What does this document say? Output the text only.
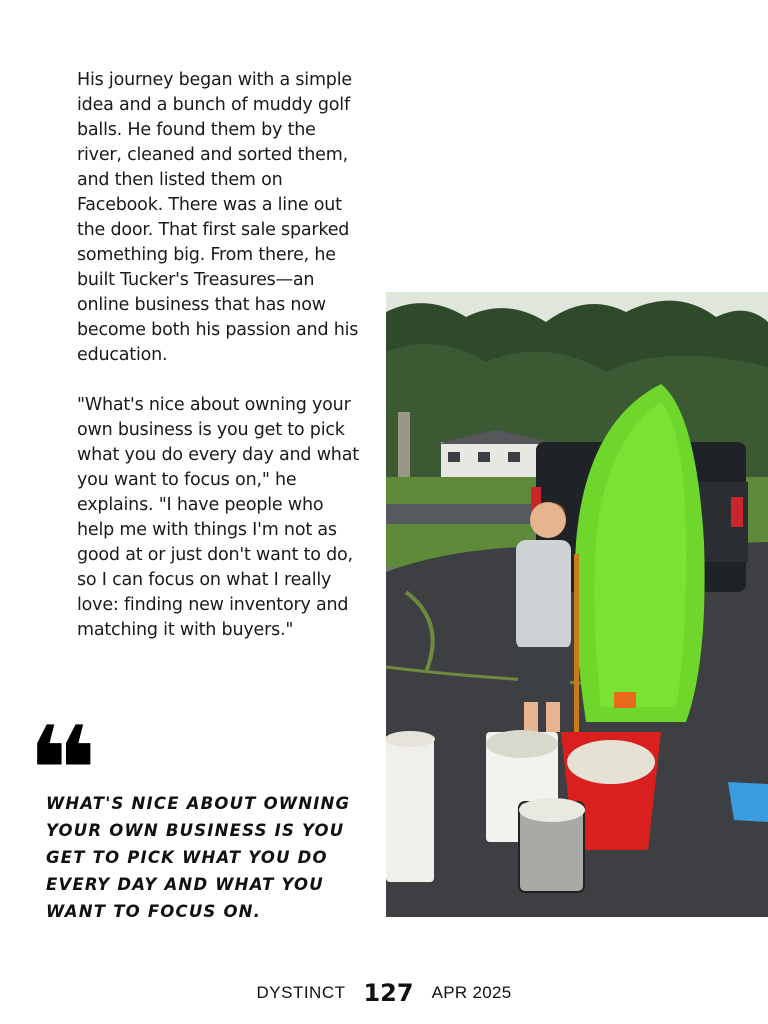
His journey began with a simple idea and a bunch of muddy golf balls. He found them by the river, cleaned and sorted them, and then listed them on Facebook. There was a line out the door. That first sale sparked something big. From there, he built Tucker's Treasures—an online business that has now become both his passion and his education.

"What's nice about owning your own business is you get to pick what you do every day and what you want to focus on," he explains. "I have people who help me with things I'm not as good at or just don't want to do, so I can focus on what I really love: finding new inventory and matching it with buyers."

❝
WHAT'S NICE ABOUT OWNING YOUR OWN BUSINESS IS YOU GET TO PICK WHAT YOU DO EVERY DAY AND WHAT YOU WANT TO FOCUS ON.
DYSTINCT 127 APR 2025
